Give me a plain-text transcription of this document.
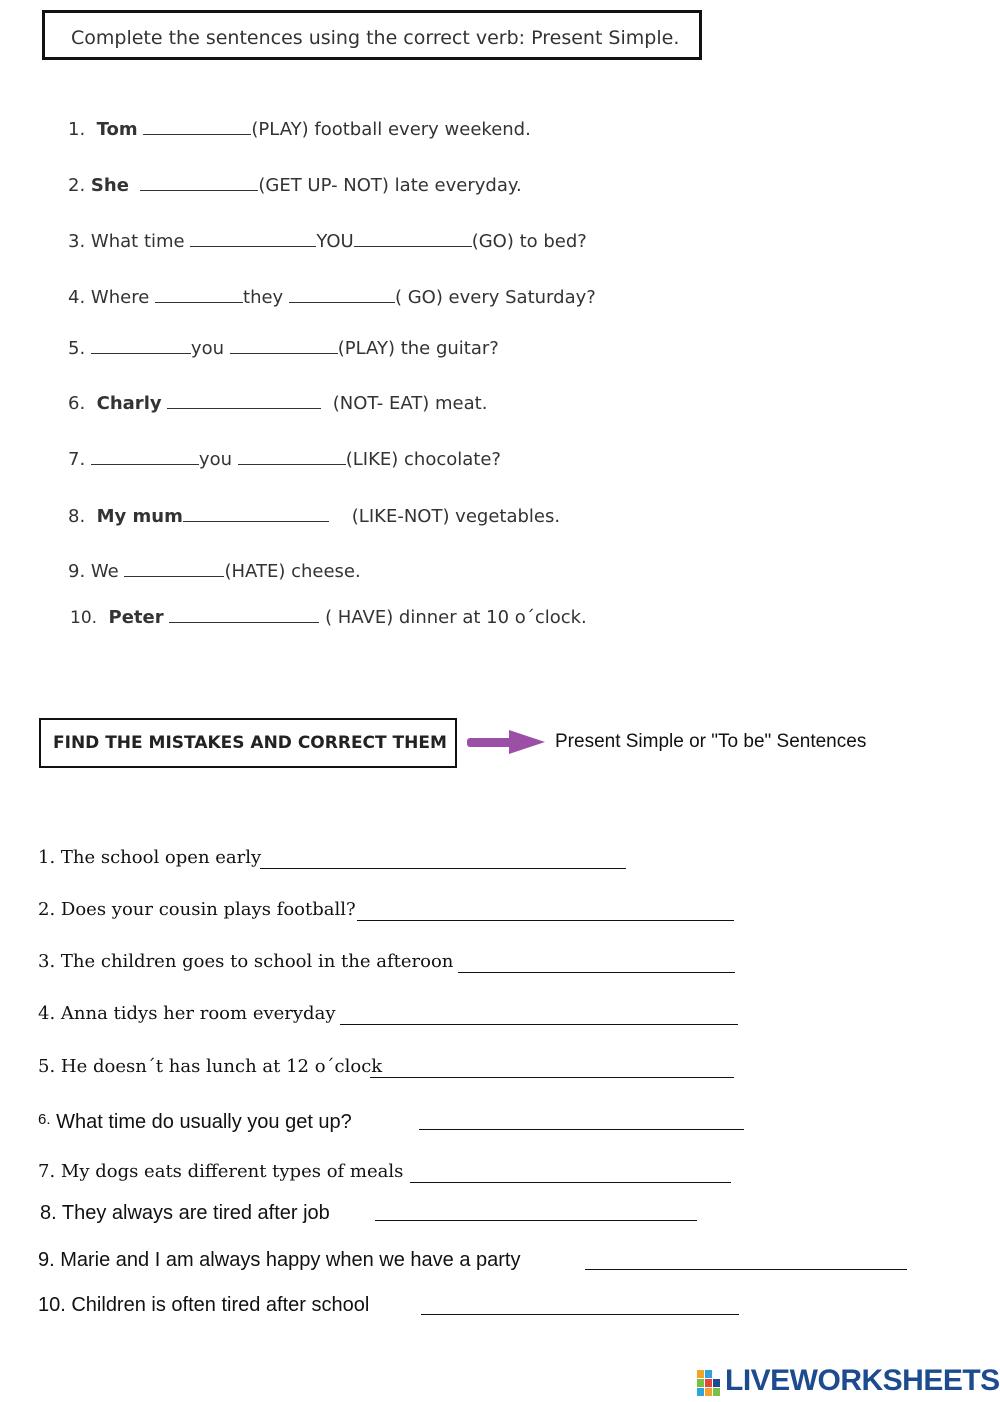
Complete the sentences using the correct verb: Present Simple.
1. Tom	(PLAY) football every weekend.
2. She	(GET UP- NOT) late everyday.
3. What time	YOU	(GO) to bed?
4. Where	they	( GO) every Saturday?
5.	you	(PLAY) the guitar?
6. Charly	(NOT- EAT) meat.
7.	you	(LIKE) chocolate?
8. My mum	(LIKE-NOT) vegetables.
9. We	(HATE) cheese.
10. Peter	( HAVE) dinner at 10 o´clock.
FIND THE MISTAKES AND CORRECT THEM	Present Simple or "To be" Sentences
1. The school open early
2. Does your cousin plays football?
3. The children goes to school in the afteroon
4. Anna tidys her room everyday
5. He doesn´t has lunch at 12 o´clock
$^{6.}$ What time do usually you get up?
7. My dogs eats different types of meals
8. They always are tired after job
9. Marie and I am always happy when we have a party
10. Children is often tired after school
LIVEWORKSHEETS
